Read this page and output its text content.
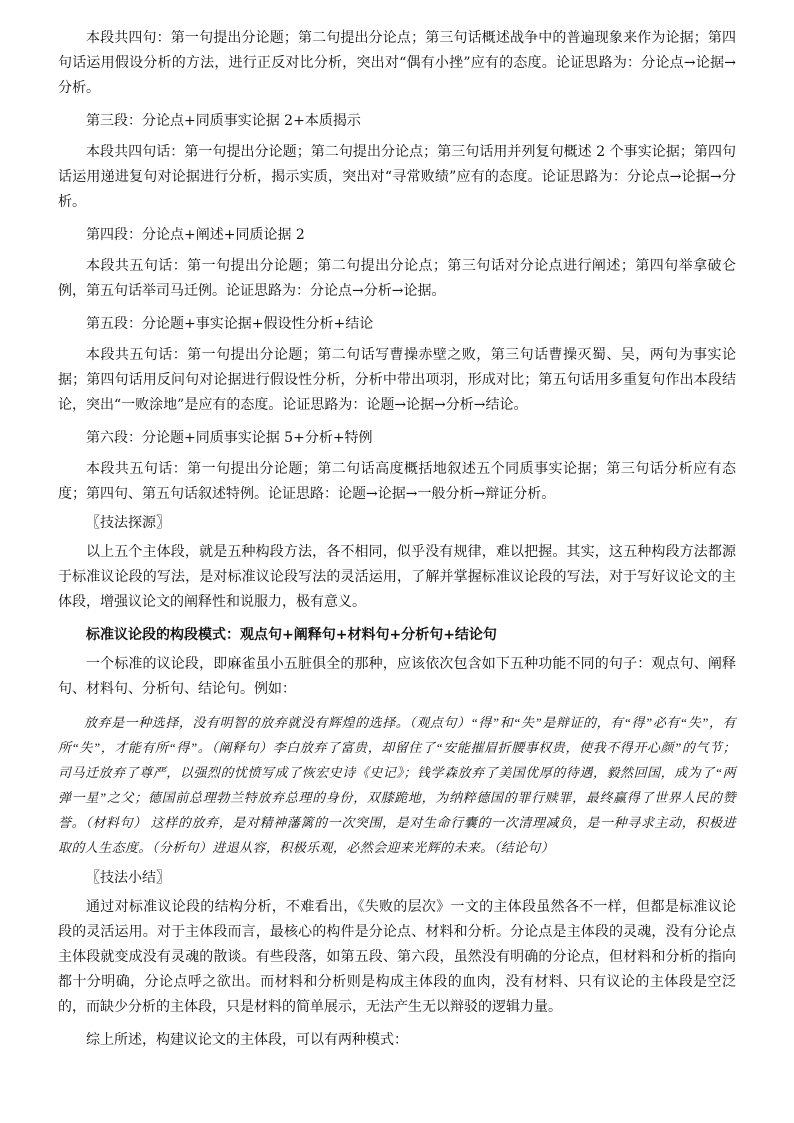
本段共四句：第一句提出分论题；第二句提出分论点；第三句话概述战争中的普遍现象来作为论据；第四句话运用假设分析的方法，进行正反对比分析，突出对“偶有小挫”应有的态度。论证思路为：分论点→论据→分析。

第三段：分论点+同质事实论据 2+本质揭示

本段共四句话：第一句提出分论题；第二句提出分论点；第三句话用并列复句概述 2 个事实论据；第四句话运用递进复句对论据进行分析，揭示实质，突出对“寻常败绩”应有的态度。论证思路为：分论点→论据→分析。

第四段：分论点+阐述+同质论据 2

本段共五句话：第一句提出分论题；第二句提出分论点；第三句话对分论点进行阐述；第四句举拿破仑例，第五句话举司马迁例。论证思路为：分论点→分析→论据。

第五段：分论题+事实论据+假设性分析+结论

本段共五句话：第一句提出分论题；第二句话写曹操赤壁之败，第三句话曹操灭蜀、吴，两句为事实论据；第四句话用反问句对论据进行假设性分析，分析中带出项羽，形成对比；第五句话用多重复句作出本段结论，突出“一败涂地”是应有的态度。论证思路为：论题→论据→分析→结论。

第六段：分论题+同质事实论据 5+分析+特例

本段共五句话：第一句提出分论题；第二句话高度概括地叙述五个同质事实论据；第三句话分析应有态度；第四句、第五句话叙述特例。论证思路：论题→论据→一般分析→辩证分析。

〖技法探源〗

以上五个主体段，就是五种构段方法，各不相同，似乎没有规律，难以把握。其实，这五种构段方法都源于标准议论段的写法，是对标准议论段写法的灵活运用，了解并掌握标准议论段的写法，对于写好议论文的主体段，增强议论文的阐释性和说服力，极有意义。

标准议论段的构段模式：观点句+阐释句+材料句+分析句+结论句

一个标准的议论段，即麻雀虽小五脏俱全的那种，应该依次包含如下五种功能不同的句子：观点句、阐释句、材料句、分析句、结论句。例如：

放弃是一种选择，没有明智的放弃就没有辉煌的选择。（观点句）“得”和“失”是辩证的，有“得”必有“失”，有所“失”，才能有所“得”。（阐释句）李白放弃了富贵，却留住了“安能摧眉折腰事权贵，使我不得开心颜”的气节；司马迁放弃了尊严，以强烈的忧愤写成了恢宏史诗《史记》；钱学森放弃了美国优厚的待遇，毅然回国，成为了“两弹一星”之父；德国前总理勃兰特放弃总理的身份，双膝跪地，为纳粹德国的罪行赎罪，最终赢得了世界人民的赞誉。（材料句） 这样的放弃，是对精神藩篱的一次突围，是对生命行囊的一次清理减负，是一种寻求主动，积极进取的人生态度。（分析句）进退从容，积极乐观，必然会迎来光辉的未来。（结论句）

〖技法小结〗

通过对标准议论段的结构分析，不难看出，《失败的层次》一文的主体段虽然各不一样，但都是标准议论段的灵活运用。对于主体段而言，最核心的构件是分论点、材料和分析。分论点是主体段的灵魂，没有分论点主体段就变成没有灵魂的散谈。有些段落，如第五段、第六段，虽然没有明确的分论点，但材料和分析的指向都十分明确，分论点呼之欲出。而材料和分析则是构成主体段的血肉，没有材料、只有议论的主体段是空泛的，而缺少分析的主体段，只是材料的简单展示，无法产生无以辩驳的逻辑力量。

综上所述，构建议论文的主体段，可以有两种模式：
